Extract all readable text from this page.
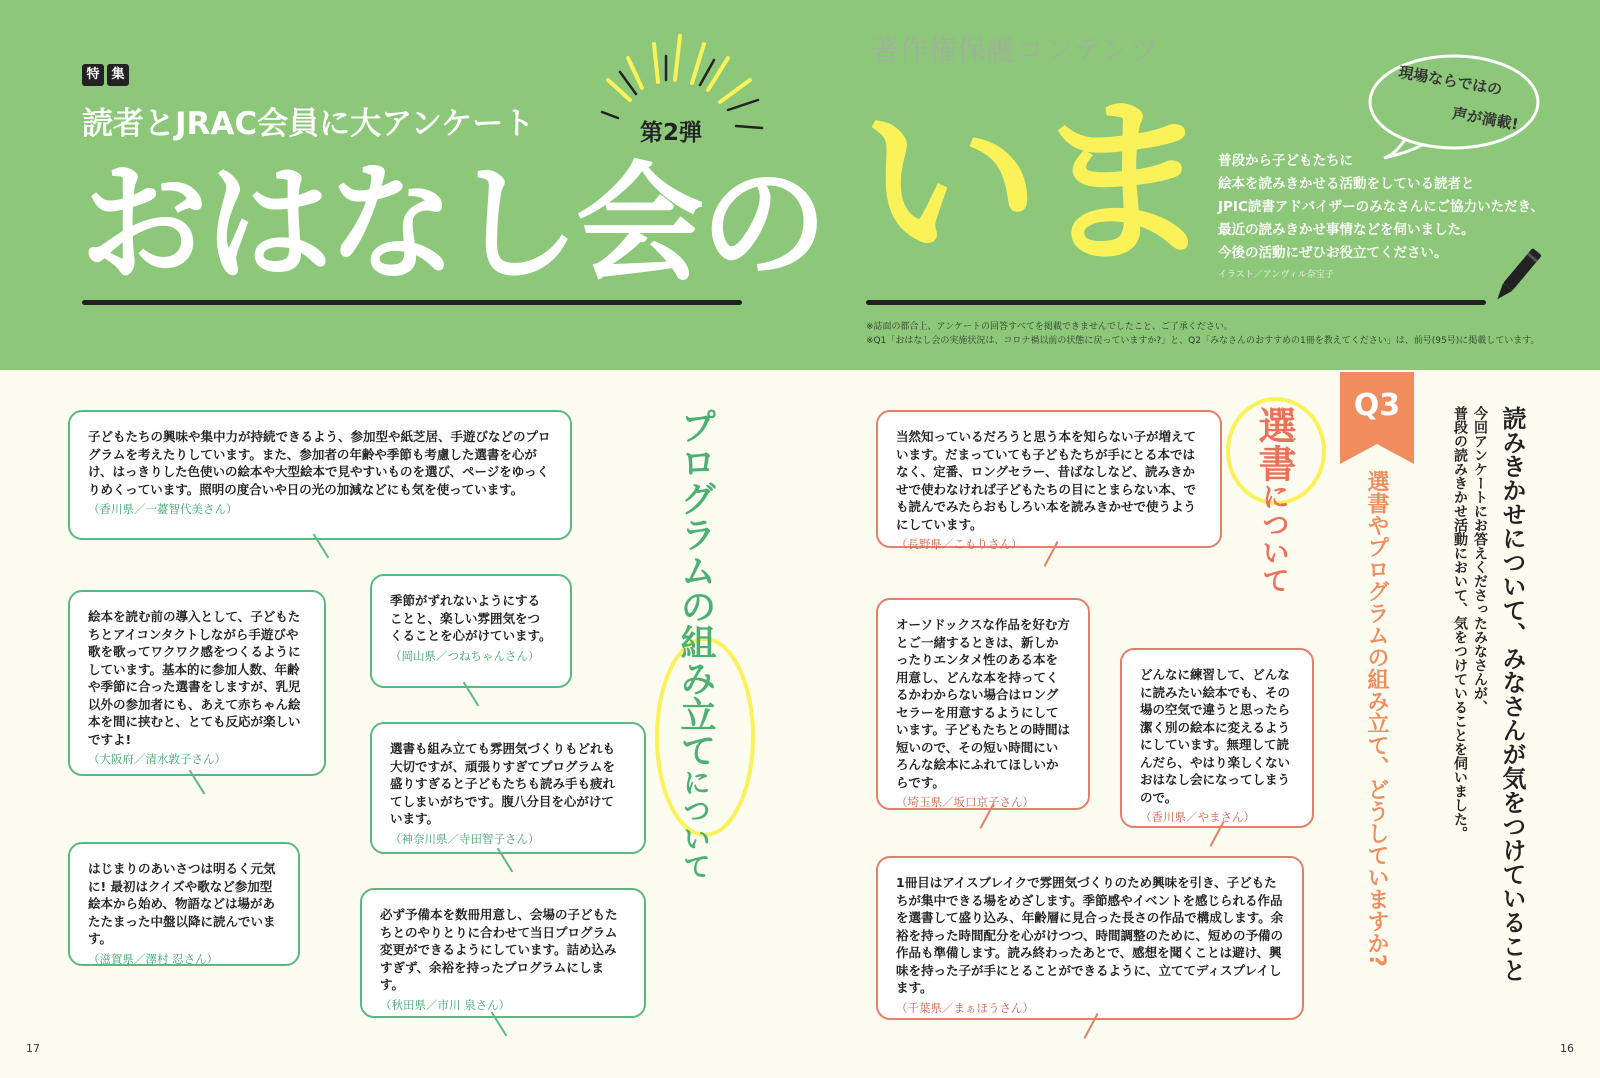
特 集
読者とJRAC会員に大アンケート	第2弾
おはなし会の
著作権保護コンテンツ
いま	現場ならではの
声が満載!

普段から子どもたちに

絵本を読みきかせる活動をしている読者と

JPIC読書アドバイザーのみなさんにご協力いただき、

最近の読みきかせ事情などを伺いました。

今後の活動にぜひお役立てください。

イラスト／アンヴィル奈宝子

※誌面の都合上、アンケートの回答すべてを掲載できませんでしたこと、ご了承ください。

※Q1「おはなし会の実施状況は、コロナ禍以前の状態に戻っていますか?」と、Q2「みなさんのおすすめの1冊を教えてください」は、前号(95号)に掲載しています。

プログラムの組み立てについて

子どもたちの興味や集中力が持続できるよう、参加型や紙芝居、手遊びなどのプログラムを考えたりしています。また、参加者の年齢や季節も考慮した選書を心がけ、はっきりした色使いの絵本や大型絵本で見やすいものを選び、ページをゆっくりめくっています。照明の度合いや日の光の加減などにも気を使っています。

（香川県／一薹智代美さん）

絵本を読む前の導入として、子どもたちとアイコンタクトしながら手遊びや歌を歌ってワクワク感をつくるようにしています。基本的に参加人数、年齢や季節に合った選書をしますが、乳児以外の参加者にも、あえて赤ちゃん絵本を間に挟むと、とても反応が楽しいですよ!

（大阪府／清水敦子さん）

季節がずれないようにすることと、楽しい雰囲気をつくることを心がけています。

（岡山県／つねちゃんさん）

選書も組み立ても雰囲気づくりもどれも大切ですが、頑張りすぎてプログラムを盛りすぎると子どもたちも読み手も疲れてしまいがちです。腹八分目を心がけています。

（神奈川県／寺田智子さん）

はじまりのあいさつは明るく元気に! 最初はクイズや歌など参加型絵本から始め、物語などは場があたたまった中盤以降に読んでいます。

（滋賀県／澤村 忍さん）

必ず予備本を数冊用意し、会場の子どもたちとのやりとりに合わせて当日プログラム変更ができるようにしています。詰め込みすぎず、余裕を持ったプログラムにします。

（秋田県／市川 泉さん）
選書について
Q3
選書やプログラムの組み立て、どうしていますか?	読みきかせについて、みなさんが気をつけていること
今回アンケートにお答えくださったみなさんが、
普段の読みきかせ活動において、気をつけていることを伺いました。

当然知っているだろうと思う本を知らない子が増えています。だまっていても子どもたちが手にとる本ではなく、定番、ロングセラー、昔ばなしなど、読みきかせで使わなければ子どもたちの目にとまらない本、でも読んでみたらおもしろい本を読みきかせで使うようにしています。

（長野県／こもりさん）

オーソドックスな作品を好む方とご一緒するときは、新しかったりエンタメ性のある本を用意し、どんな本を持ってくるかわからない場合はロングセラーを用意するようにしています。子どもたちとの時間は短いので、その短い時間にいろんな絵本にふれてほしいからです。

（埼玉県／坂口京子さん）

どんなに練習して、どんなに読みたい絵本でも、その場の空気で違うと思ったら潔く別の絵本に変えるようにしています。無理して読んだら、やはり楽しくないおはなし会になってしまうので。

（香川県／やまさん）

1冊目はアイスブレイクで雰囲気づくりのため興味を引き、子どもたちが集中できる場をめざします。季節感やイベントを感じられる作品を選書して盛り込み、年齢層に見合った長さの作品で構成します。余裕を持った時間配分を心がけつつ、時間調整のために、短めの予備の作品も準備します。読み終わったあとで、感想を聞くことは避け、興味を持った子が手にとることができるように、立ててディスプレイします。

（千葉県／まぁほうさん）
17	16
